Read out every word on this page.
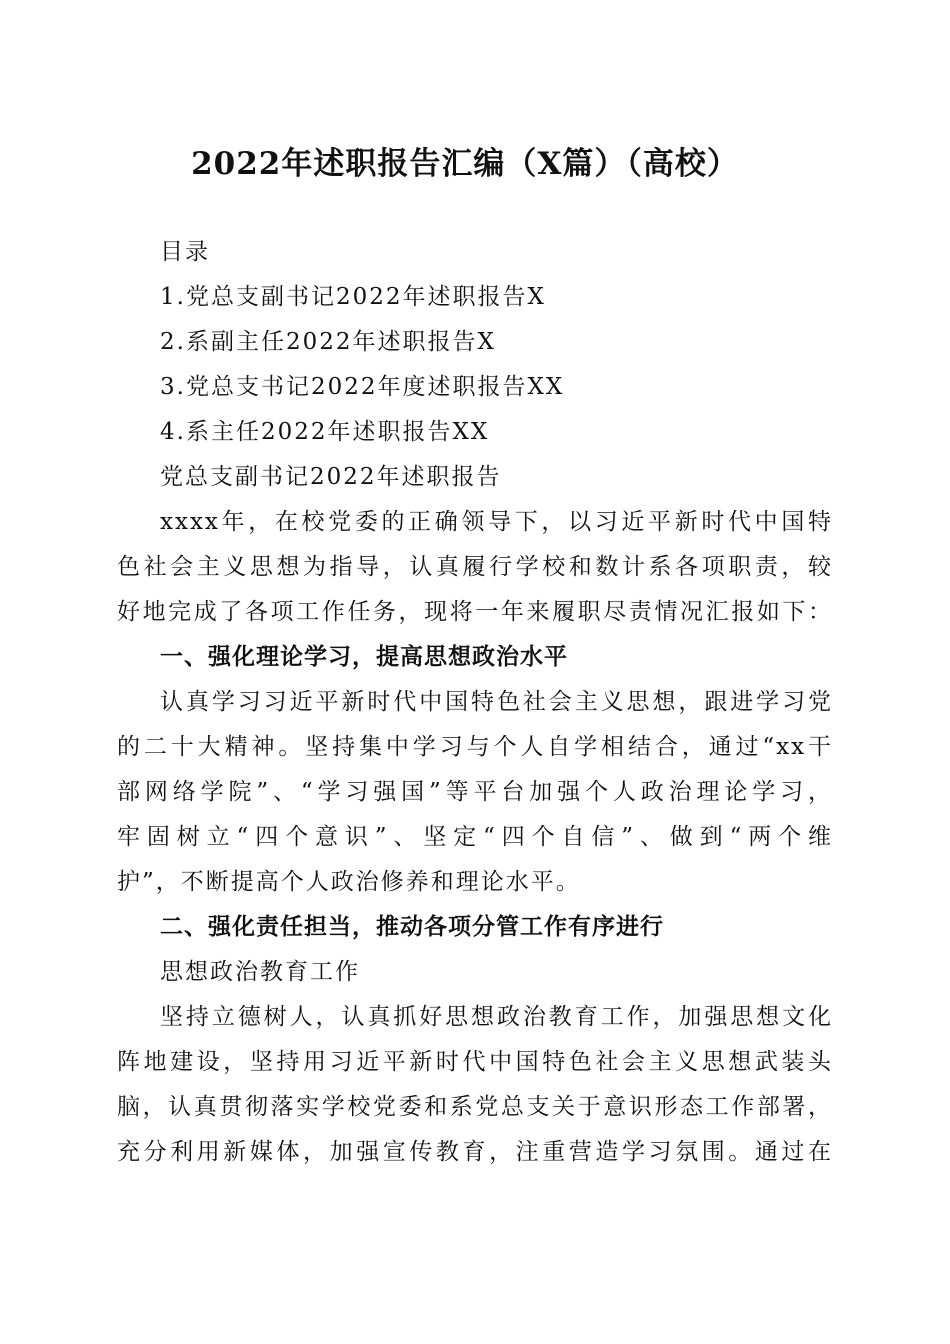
2022年述职报告汇编（X篇）（高校）
目录
1.党总支副书记2022年述职报告X
2.系副主任2022年述职报告X
3.党总支书记2022年度述职报告XX
4.系主任2022年述职报告XX
党总支副书记2022年述职报告
xxxx年，在校党委的正确领导下，以习近平新时代中国特
色社会主义思想为指导，认真履行学校和数计系各项职责，较
好地完成了各项工作任务，现将一年来履职尽责情况汇报如下：
一、强化理论学习，提高思想政治水平
认真学习习近平新时代中国特色社会主义思想，跟进学习党
的二十大精神。坚持集中学习与个人自学相结合，通过“xx干
部网络学院”、“学习强国”等平台加强个人政治理论学习，
牢固树立“四个意识”、坚定“四个自信”、做到“两个维
护”，不断提高个人政治修养和理论水平。
二、强化责任担当，推动各项分管工作有序进行
思想政治教育工作
坚持立德树人，认真抓好思想政治教育工作，加强思想文化
阵地建设，坚持用习近平新时代中国特色社会主义思想武装头
脑，认真贯彻落实学校党委和系党总支关于意识形态工作部署，
充分利用新媒体，加强宣传教育，注重营造学习氛围。通过在
